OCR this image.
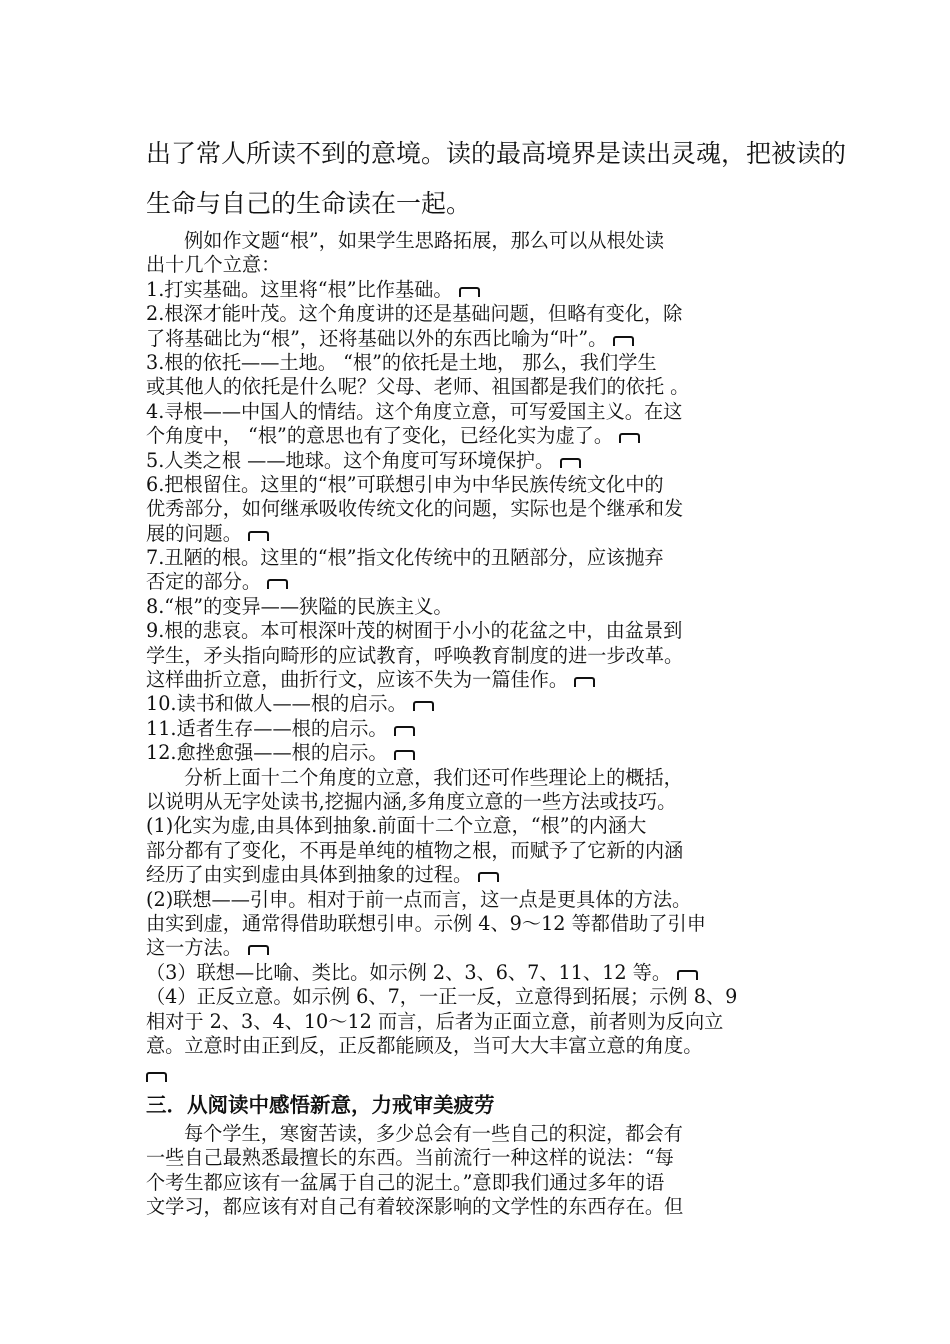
出了常人所读不到的意境。读的最高境界是读出灵魂，把被读的
生命与自己的生命读在一起。
例如作文题“根”，如果学生思路拓展，那么可以从根处读
出十几个立意：
1.打实基础。这里将“根”比作基础。
2.根深才能叶茂。这个角度讲的还是基础问题，但略有变化，除
了将基础比为“根”，还将基础以外的东西比喻为“叶”。
3.根的依托——土地。 “根”的依托是土地， 那么，我们学生
或其他人的依托是什么呢？父母、老师、祖国都是我们的依托 。
4.寻根——中国人的情结。这个角度立意，可写爱国主义。在这
个角度中， “根”的意思也有了变化，已经化实为虚了。
5.人类之根 ——地球。这个角度可写环境保护。
6.把根留住。这里的“根”可联想引申为中华民族传统文化中的
优秀部分，如何继承吸收传统文化的问题，实际也是个继承和发
展的问题。
7.丑陋的根。这里的“根”指文化传统中的丑陋部分，应该抛弃
否定的部分。
8.“根”的变异——狭隘的民族主义。
9.根的悲哀。本可根深叶茂的树囿于小小的花盆之中，由盆景到
学生，矛头指向畸形的应试教育，呼唤教育制度的进一步改革。
这样曲折立意，曲折行文，应该不失为一篇佳作。
10.读书和做人——根的启示。
11.适者生存——根的启示。
12.愈挫愈强——根的启示。
分析上面十二个角度的立意，我们还可作些理论上的概括，
以说明从无字处读书,挖掘内涵,多角度立意的一些方法或技巧。
(1)化实为虚,由具体到抽象.前面十二个立意，“根”的内涵大
部分都有了变化，不再是单纯的植物之根，而赋予了它新的内涵
经历了由实到虚由具体到抽象的过程。
(2)联想——引申。相对于前一点而言，这一点是更具体的方法。
由实到虚，通常得借助联想引申。示例 4、9～12 等都借助了引申
这一方法。
（3）联想—比喻、类比。如示例 2、3、6、7、11、12 等。
（4）正反立意。如示例 6、7，一正一反，立意得到拓展；示例 8、9
相对于 2、3、4、10～12 而言，后者为正面立意，前者则为反向立
意。立意时由正到反，正反都能顾及，当可大大丰富立意的角度。
三．从阅读中感悟新意，力戒审美疲劳
每个学生，寒窗苦读，多少总会有一些自己的积淀，都会有
一些自己最熟悉最擅长的东西。当前流行一种这样的说法：“每
个考生都应该有一盆属于自己的泥土。”意即我们通过多年的语
文学习，都应该有对自己有着较深影响的文学性的东西存在。但
